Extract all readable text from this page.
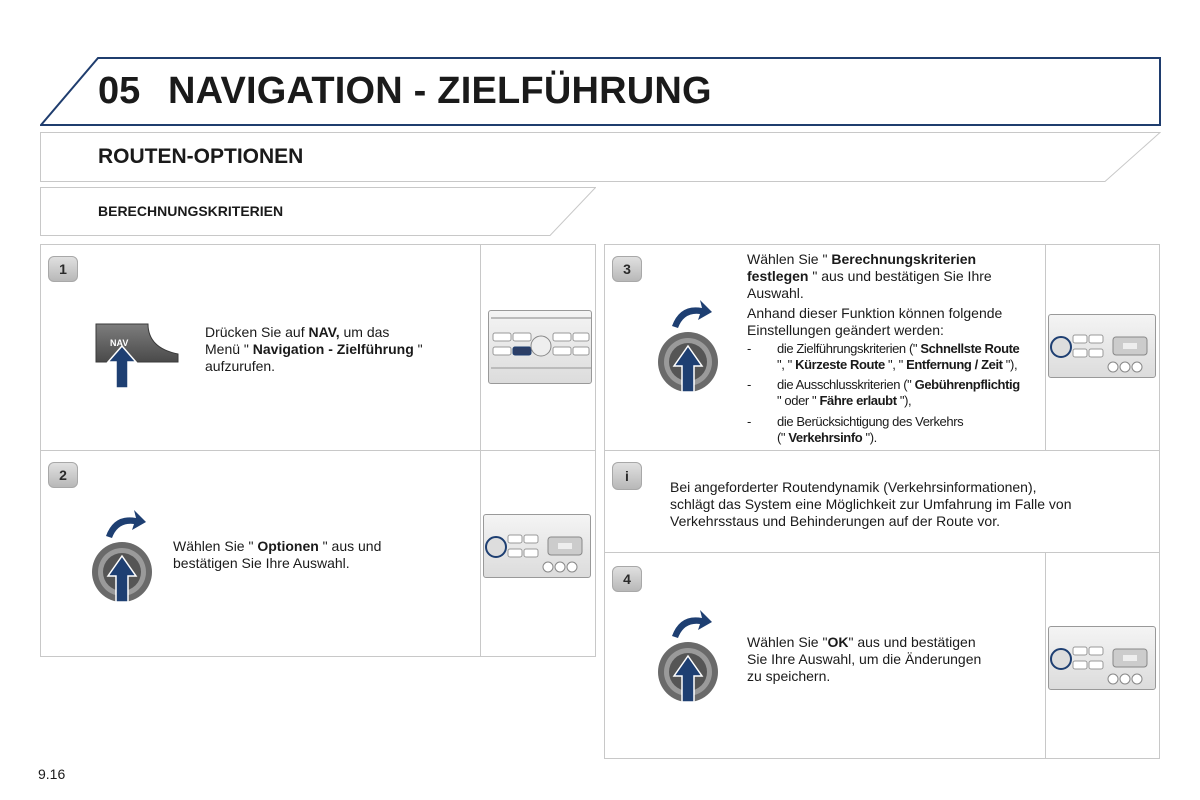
05 NAVIGATION - ZIELFÜHRUNG
ROUTEN-OPTIONEN
BERECHNUNGSKRITERIEN
1
NAV
Drücken Sie auf NAV, um das
Menü " Navigation - Zielführung "
aufzurufen.
2
Wählen Sie " Optionen " aus und
bestätigen Sie Ihre Auswahl.
3
Wählen Sie " Berechnungskriterien
festlegen " aus und bestätigen Sie Ihre
Auswahl.
Anhand dieser Funktion können folgende
Einstellungen geändert werden:
-	die Zielführungskriterien (" Schnellste Route
", " Kürzeste Route ", " Entfernung / Zeit "),
-	die Ausschlusskriterien (" Gebührenpflichtig
" oder " Fähre erlaubt "),
-	die Berücksichtigung des Verkehrs
(" Verkehrsinfo ").
i
Bei angeforderter Routendynamik (Verkehrsinformationen),
schlägt das System eine Möglichkeit zur Umfahrung im Falle von
Verkehrsstaus und Behinderungen auf der Route vor.
4
Wählen Sie "OK" aus und bestätigen
Sie Ihre Auswahl, um die Änderungen
zu speichern.
9.16
